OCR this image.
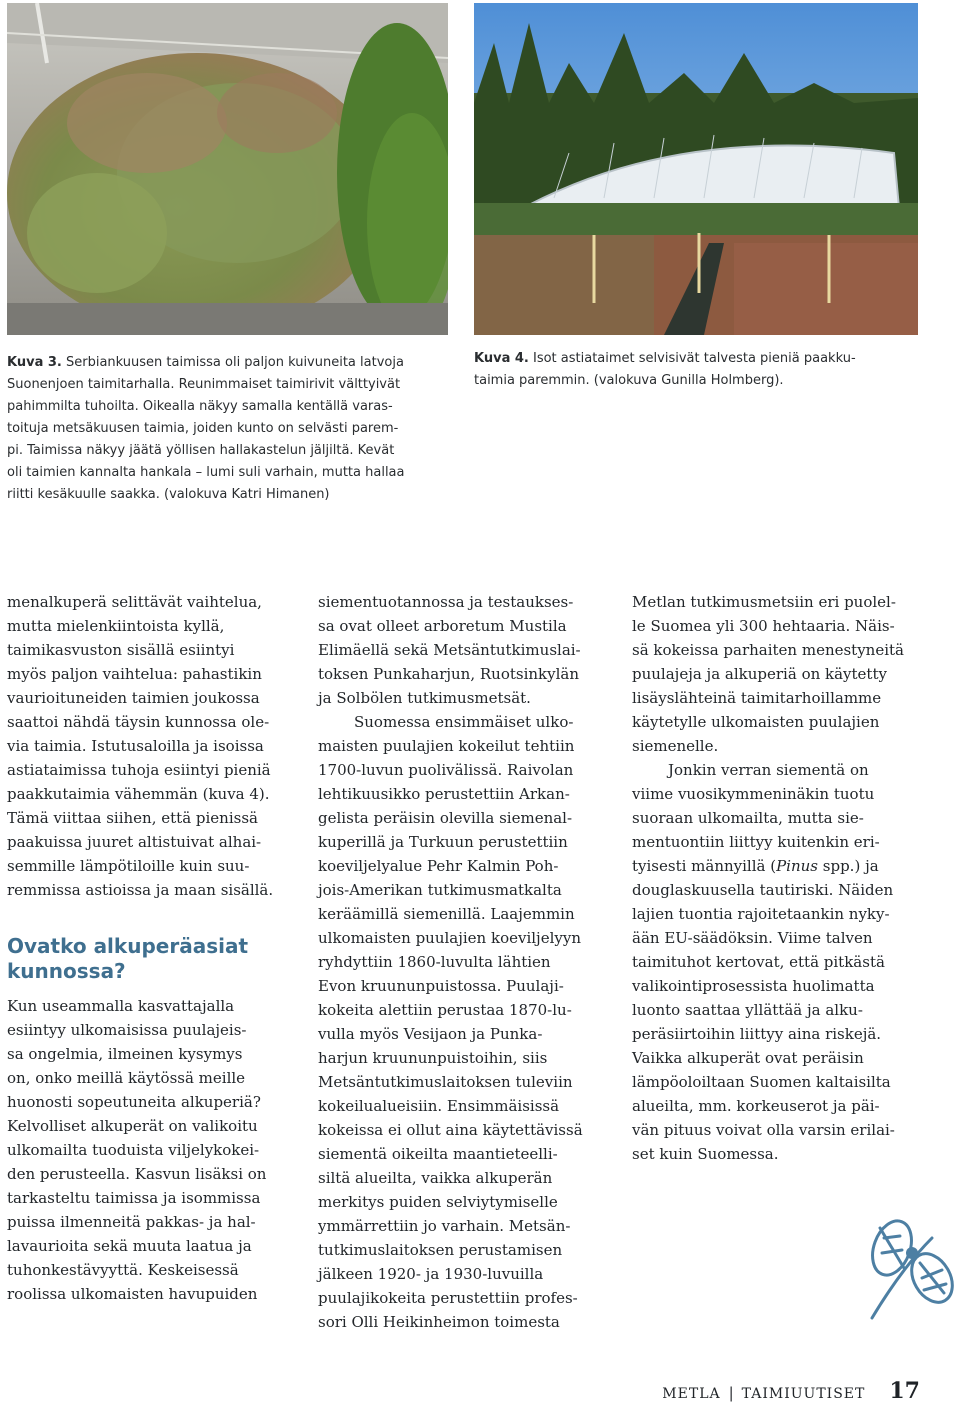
Kuva 3. Serbiankuusen taimissa oli paljon kuivuneita latvoja
Suonenjoen taimitarhalla. Reunimmaiset taimirivit välttyivät
pahimmilta tuhoilta. Oikealla näkyy samalla kentällä varas-
toituja metsäkuusen taimia, joiden kunto on selvästi parem-
pi. Taimissa näkyy jäätä yöllisen hallakastelun jäljiltä. Kevät
oli taimien kannalta hankala – lumi suli varhain, mutta hallaa
riitti kesäkuulle saakka. (valokuva Katri Himanen)

Kuva 4. Isot astiataimet selvisivät talvesta pieniä paakku-
taimia paremmin. (valokuva Gunilla Holmberg).

menalkuperä selittävät vaihtelua,
mutta mielenkiintoista kyllä,
taimikasvuston sisällä esiintyi
myös paljon vaihtelua: pahastikin
vaurioituneiden taimien joukossa
saattoi nähdä täysin kunnossa ole-
via taimia. Istutusaloilla ja isoissa
astiataimissa tuhoja esiintyi pieniä
paakkutaimia vähemmän (kuva 4).
Tämä viittaa siihen, että pienissä
paakuissa juuret altistuivat alhai-
semmille lämpötiloille kuin suu-
remmissa astioissa ja maan sisällä.

Ovatko alkuperäasiat
kunnossa?

Kun useammalla kasvattajalla
esiintyy ulkomaisissa puulajeis-
sa ongelmia, ilmeinen kysymys
on, onko meillä käytössä meille
huonosti sopeutuneita alkuperiä?
Kelvolliset alkuperät on valikoitu
ulkomailta tuoduista viljelykokei-
den perusteella. Kasvun lisäksi on
tarkasteltu taimissa ja isommissa
puissa ilmenneitä pakkas- ja hal-
lavaurioita sekä muuta laatua ja
tuhonkestävyyttä. Keskeisessä
roolissa ulkomaisten havupuiden

siementuotannossa ja testaukses-
sa ovat olleet arboretum Mustila
Elimäellä sekä Metsäntutkimuslai-
toksen Punkaharjun, Ruotsinkylän
ja Solbölen tutkimusmetsät.

Suomessa ensimmäiset ulko-
maisten puulajien kokeilut tehtiin
1700-luvun puolivälissä. Raivolan
lehtikuusikko perustettiin Arkan-
gelista peräisin olevilla siemenal-
kuperillä ja Turkuun perustettiin
koeviljelyalue Pehr Kalmin Poh-
jois-Amerikan tutkimusmatkalta
keräämillä siemenillä. Laajemmin
ulkomaisten puulajien koeviljelyyn
ryhdyttiin 1860-luvulta lähtien
Evon kruununpuistossa. Puulaji-
kokeita alettiin perustaa 1870-lu-
vulla myös Vesijaon ja Punka-
harjun kruununpuistoihin, siis
Metsäntutkimuslaitoksen tuleviin
kokeilualueisiin. Ensimmäisissä
kokeissa ei ollut aina käytettävissä
siementä oikeilta maantieteelli-
siltä alueilta, vaikka alkuperän
merkitys puiden selviytymiselle
ymmärrettiin jo varhain. Metsän-
tutkimuslaitoksen perustamisen
jälkeen 1920- ja 1930-luvuilla
puulajikokeita perustettiin profes-
sori Olli Heikinheimon toimesta

Metlan tutkimusmetsiin eri puolel-
le Suomea yli 300 hehtaaria. Näis-
sä kokeissa parhaiten menestyneitä
puulajeja ja alkuperiä on käytetty
lisäyslähteinä taimitarhoillamme
käytetylle ulkomaisten puulajien
siemenelle.

Jonkin verran siementä on
viime vuosikymmeninäkin tuotu
suoraan ulkomailta, mutta sie-
mentuontiin liittyy kuitenkin eri-
tyisesti männyillä (Pinus spp.) ja
douglaskuusella tautiriski. Näiden
lajien tuontia rajoitetaankin nyky-
ään EU-säädöksin. Viime talven
taimituhot kertovat, että pitkästä
valikointiprosessista huolimatta
luonto saattaa yllättää ja alku-
peräsiirtoihin liittyy aina riskejä.
Vaikka alkuperät ovat peräisin
lämpöoloiltaan Suomen kaltaisilta
alueilta, mm. korkeuserot ja päi-
vän pituus voivat olla varsin erilai-
set kuin Suomessa.

METLA | TAIMIUUTISET 17
